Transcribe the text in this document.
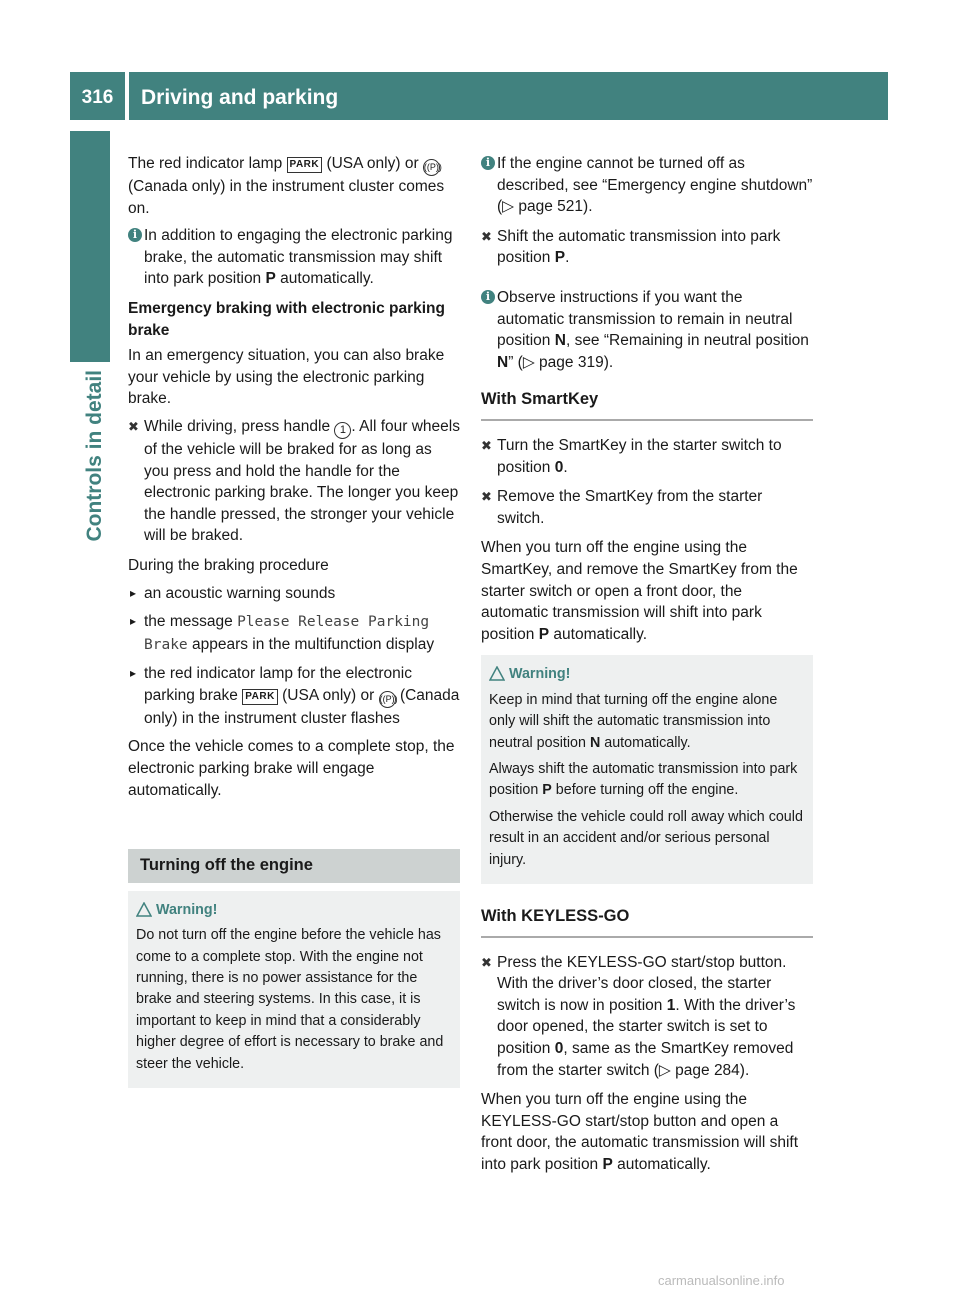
316	Driving and parking
Controls in detail

The red indicator lamp PARK (USA only) or ((P)) (Canada only) in the instrument cluster comes on.

i In addition to engaging the electronic parking brake, the automatic transmission may shift into park position P automatically.

Emergency braking with electronic parking brake

In an emergency situation, you can also brake your vehicle by using the electronic parking brake.

✖ While driving, press handle 1 . All four wheels of the vehicle will be braked for as long as you press and hold the handle for the electronic parking brake. The longer you keep the handle pressed, the stronger your vehicle will be braked.

During the braking procedure

▸ an acoustic warning sounds
▸ the message Please Release Parking Brake appears in the multifunction display
▸ the red indicator lamp for the electronic parking brake PARK (USA only) or ((P)) (Canada only) in the instrument cluster flashes

Once the vehicle comes to a complete stop, the electronic parking brake will engage automatically.

Turning off the engine
Warning!

Do not turn off the engine before the vehicle has come to a complete stop. With the engine not running, there is no power assistance for the brake and steering systems. In this case, it is important to keep in mind that a considerably higher degree of effort is necessary to brake and steer the vehicle.

i If the engine cannot be turned off as described, see “Emergency engine shutdown” (▷ page 521).
✖ Shift the automatic transmission into park position P.
i Observe instructions if you want the automatic transmission to remain in neutral position N, see “Remaining in neutral position N” (▷ page 319).
With SmartKey
✖ Turn the SmartKey in the starter switch to position 0.
✖ Remove the SmartKey from the starter switch.

When you turn off the engine using the SmartKey, and remove the SmartKey from the starter switch or open a front door, the automatic transmission will shift into park position P automatically.

Warning!

Keep in mind that turning off the engine alone only will shift the automatic transmission into neutral position N automatically.

Always shift the automatic transmission into park position P before turning off the engine.

Otherwise the vehicle could roll away which could result in an accident and/or serious personal injury.

With KEYLESS-GO
✖ Press the KEYLESS-GO start/stop button. With the driver’s door closed, the starter switch is now in position 1. With the driver’s door opened, the starter switch is set to position 0, same as the SmartKey removed from the starter switch (▷ page 284).

When you turn off the engine using the KEYLESS-GO start/stop button and open a front door, the automatic transmission will shift into park position P automatically.

carmanualsonline.info
